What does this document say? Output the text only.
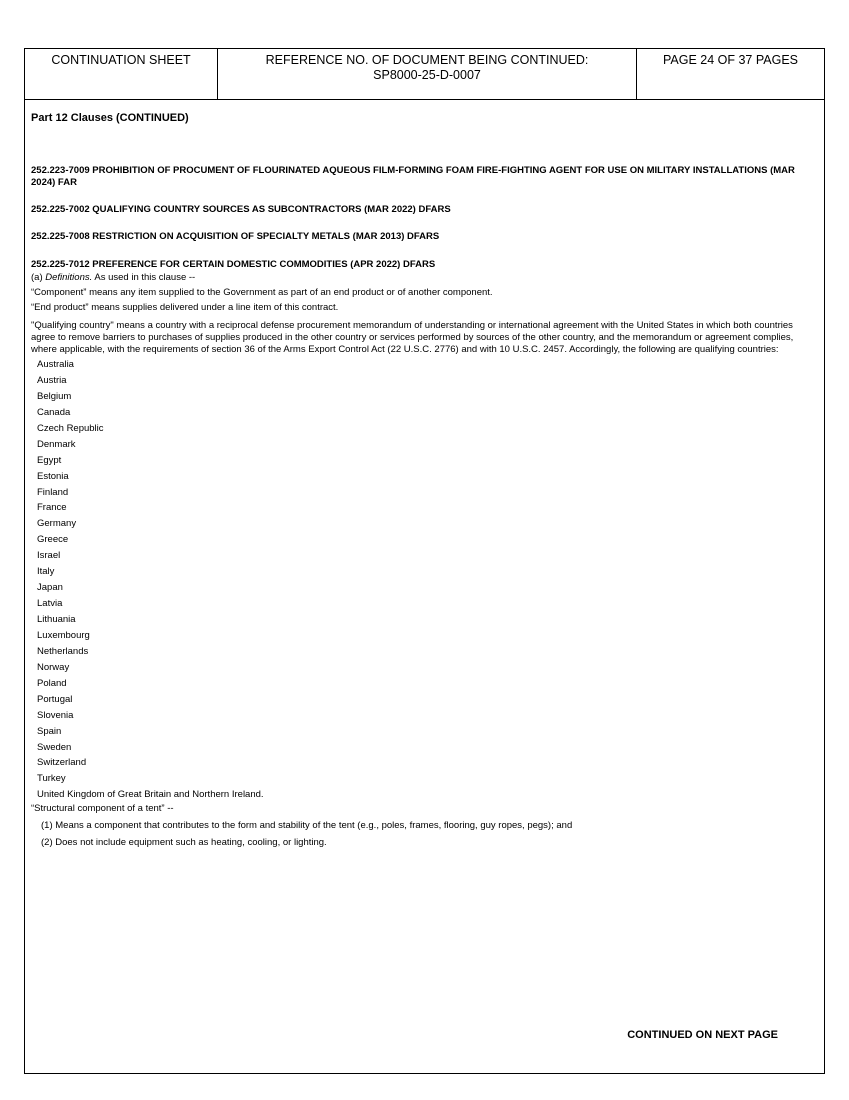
CONTINUATION SHEET	REFERENCE NO. OF DOCUMENT BEING CONTINUED:
SP8000-25-D-0007
PAGE 24 OF 37 PAGES
Part 12 Clauses (CONTINUED)
252.223-7009 PROHIBITION OF PROCUMENT OF FLOURINATED AQUEOUS FILM-FORMING FOAM FIRE-FIGHTING AGENT FOR USE ON MILITARY INSTALLATIONS (MAR 2024) FAR
252.225-7002 QUALIFYING COUNTRY SOURCES AS SUBCONTRACTORS (MAR 2022) DFARS
252.225-7008 RESTRICTION ON ACQUISITION OF SPECIALTY METALS (MAR 2013) DFARS
252.225-7012 PREFERENCE FOR CERTAIN DOMESTIC COMMODITIES (APR 2022) DFARS
(a) Definitions. As used in this clause --
“Component” means any item supplied to the Government as part of an end product or of another component.
“End product” means supplies delivered under a line item of this contract.
"Qualifying country" means a country with a reciprocal defense procurement memorandum of understanding or international agreement with the United States in which both countries agree to remove barriers to purchases of supplies produced in the other country or services performed by sources of the other country, and the memorandum or agreement complies, where applicable, with the requirements of section 36 of the Arms Export Control Act (22 U.S.C. 2776) and with 10 U.S.C. 2457. Accordingly, the following are qualifying countries:
Australia
Austria
Belgium
Canada
Czech Republic
Denmark
Egypt
Estonia
Finland
France
Germany
Greece
Israel
Italy
Japan
Latvia
Lithuania
Luxembourg
Netherlands
Norway
Poland
Portugal
Slovenia
Spain
Sweden
Switzerland
Turkey
United Kingdom of Great Britain and Northern Ireland.
“Structural component of a tent” --
(1) Means a component that contributes to the form and stability of the tent (e.g., poles, frames, flooring, guy ropes, pegs); and
(2) Does not include equipment such as heating, cooling, or lighting.
CONTINUED ON NEXT PAGE
